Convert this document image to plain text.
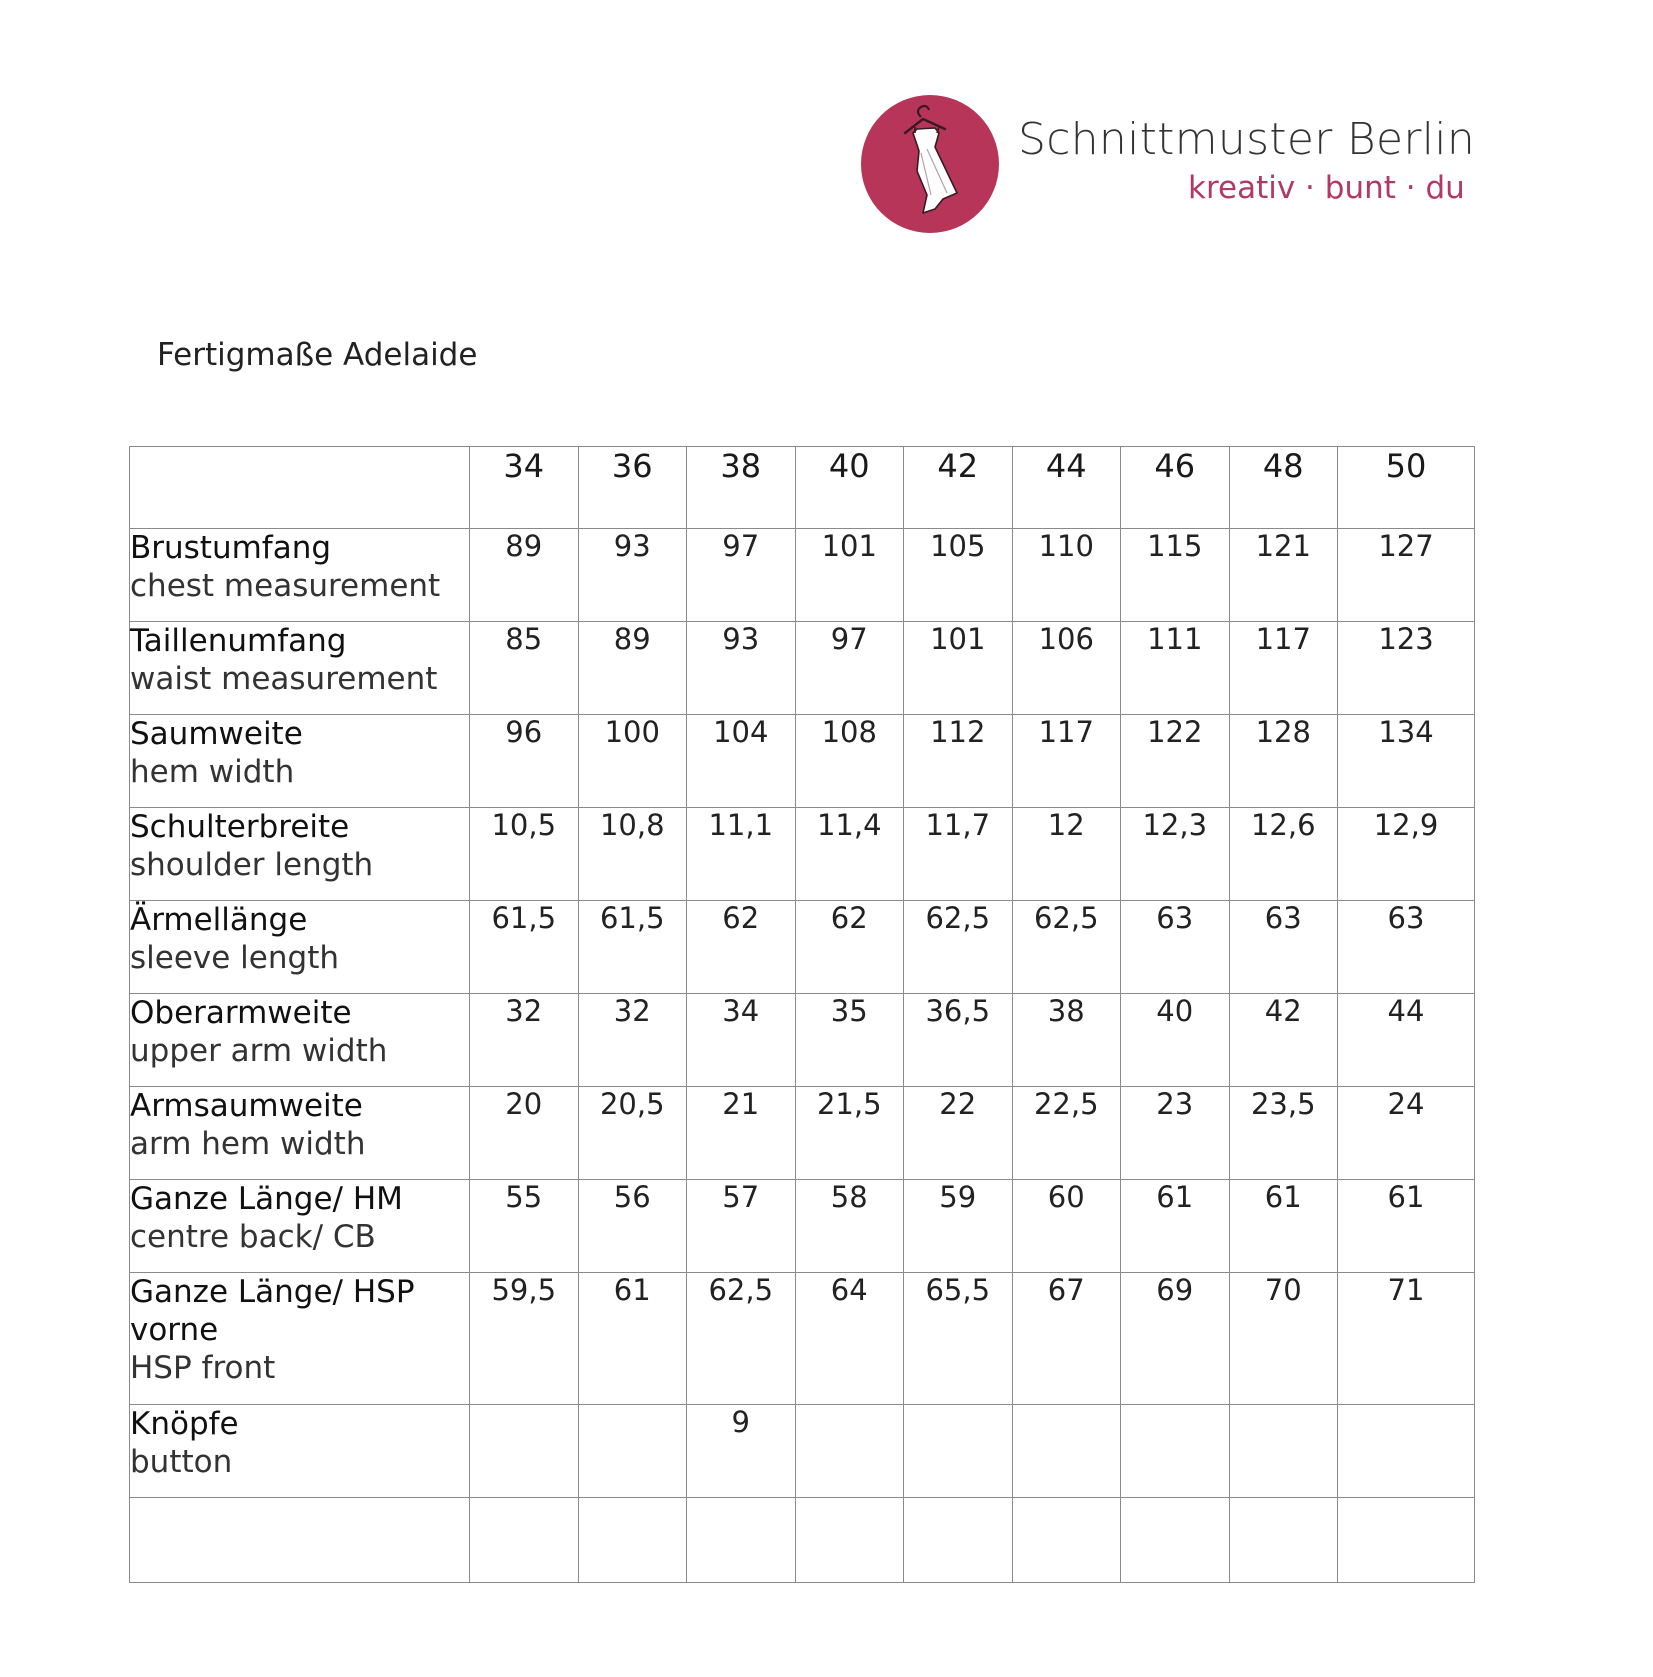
Schnittmuster Berlin
kreativ · bunt · du
Fertigmaße Adelaide
	34	36	38	40	42	44	46	48	50

Brustumfang
chest measurement	89	93	97	101	105	110	115	121	127

Taillenumfang
waist measurement	85	89	93	97	101	106	111	117	123

Saumweite
hem width	96	100	104	108	112	117	122	128	134

Schulterbreite
shoulder length	10,5	10,8	11,1	11,4	11,7	12	12,3	12,6	12,9

Ärmellänge
sleeve length	61,5	61,5	62	62	62,5	62,5	63	63	63

Oberarmweite
upper arm width	32	32	34	35	36,5	38	40	42	44

Armsaumweite
arm hem width	20	20,5	21	21,5	22	22,5	23	23,5	24

Ganze Länge/ HM
centre back/ CB	55	56	57	58	59	60	61	61	61

Ganze Länge/ HSP vorne
HSP front	59,5	61	62,5	64	65,5	67	69	70	71

Knöpfe
button			9						
